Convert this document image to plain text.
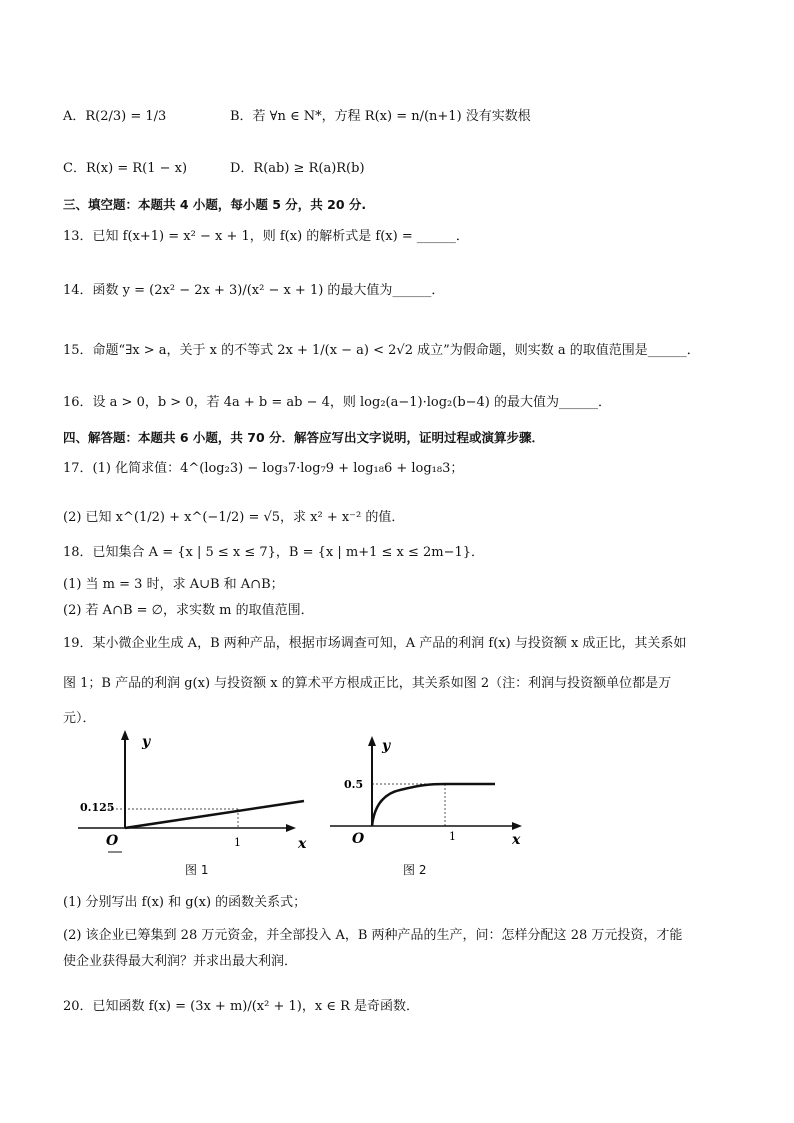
A．R(2/3) = 1/3	B．若 ∀n ∈ N*，方程 R(x) = n/(n+1) 没有实数根
C．R(x) = R(1 − x)	D．R(ab) ≥ R(a)R(b)
三、填空题：本题共 4 小题，每小题 5 分，共 20 分.
13．已知 f(x+1) = x² − x + 1，则 f(x) 的解析式是 f(x) = ______．
14．函数 y = (2x² − 2x + 3)/(x² − x + 1) 的最大值为______．
15．命题“∃x > a，关于 x 的不等式 2x + 1/(x − a) < 2√2 成立”为假命题，则实数 a 的取值范围是______．
16．设 a > 0，b > 0，若 4a + b = ab − 4，则 log₂(a−1)·log₂(b−4) 的最大值为______．
四、解答题：本题共 6 小题，共 70 分．解答应写出文字说明，证明过程或演算步骤．
17．(1) 化简求值：4^(log₂3) − log₃7·log₇9 + log₁₈6 + log₁₈3；
(2) 已知 x^(1/2) + x^(−1/2) = √5，求 x² + x⁻² 的值．
18．已知集合 A = {x | 5 ≤ x ≤ 7}，B = {x | m+1 ≤ x ≤ 2m−1}．
(1) 当 m = 3 时，求 A∪B 和 A∩B；
(2) 若 A∩B = ∅，求实数 m 的取值范围．
19．某小微企业生成 A，B 两种产品，根据市场调查可知，A 产品的利润 f(x) 与投资额 x 成正比，其关系如
图 1；B 产品的利润 g(x) 与投资额 x 的算术平方根成正比，其关系如图 2（注：利润与投资额单位都是万
元）．
y
x
O
0.125
1
图 1
y
x
O
0.5
1
图 2
(1) 分别写出 f(x) 和 g(x) 的函数关系式；
(2) 该企业已筹集到 28 万元资金，并全部投入 A，B 两种产品的生产，问：怎样分配这 28 万元投资，才能
使企业获得最大利润？并求出最大利润．
20．已知函数 f(x) = (3x + m)/(x² + 1)，x ∈ R 是奇函数．
